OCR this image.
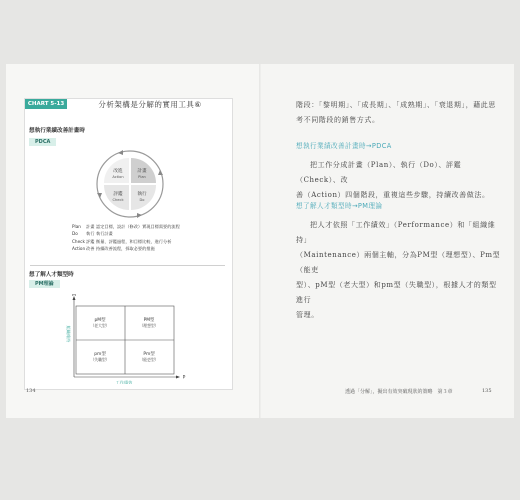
CHART 5-13	分析架構是分解的實用工具⑥
想執行業績改善計畫時
PDCA
計畫
Plan
執行
Do
評鑑
Check
改進
Action
Plan 計畫 認定目標，設計（修改）實現目標需要的流程
Do 執行 執行計畫
Check評鑑 衡量、評鑑過程，和目標比較，進行分析
Action改善 持續改善流程，採取必要的措施
想了解人才類型時
PM理論
M
組織維持
P
工作績效
pM型
（老大型）
PM型
（理想型）
pm型
（失職型）
Pm型
（能吏型）
134
階段：「黎明期」、「成長期」、「成熟期」、「衰退期」，藉此思
考不同階段的銷售方式。
想執行業績改善計畫時→PDCA
把工作分成計畫（Plan）、執行（Do）、評鑑（Check）、改
善（Action）四個階段，重複這些步驟，持續改善做法。
想了解人才類型時→PM理論
把人才依照「工作績效」（Performance）和「組織維持」
（Maintenance）兩個主軸，分為PM型（理想型）、Pm型（能吏
型）、pM型（老大型）和pm型（失職型），根據人才的類型進行
管理。
透過「分解」，擬出有效突破現狀的策略　第３章	135
